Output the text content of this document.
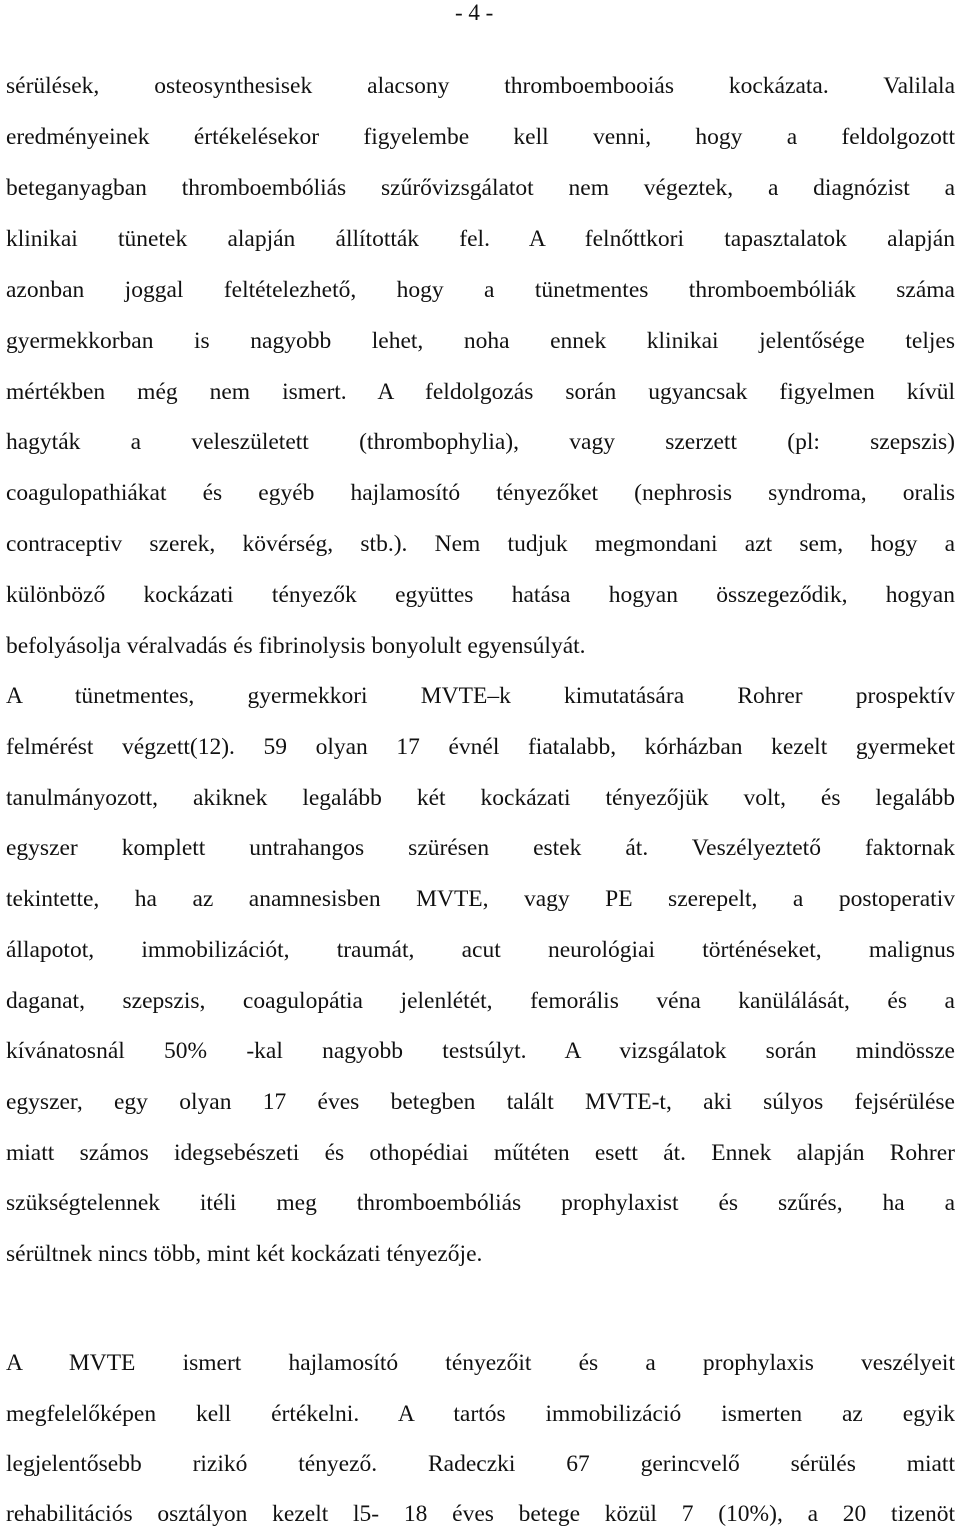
- 4 -
sérülések, osteosynthesisek alacsony thromboembooiás kockázata. Valilala
eredményeinek értékelésekor figyelembe kell venni, hogy a feldolgozott
beteganyagban thromboembóliás szűrővizsgálatot nem végeztek, a diagnózist a
klinikai tünetek alapján állították fel. A felnőttkori tapasztalatok alapján
azonban joggal feltételezhető, hogy a tünetmentes thromboembóliák száma
gyermekkorban is nagyobb lehet, noha ennek klinikai jelentősége teljes
mértékben még nem ismert. A feldolgozás során ugyancsak figyelmen kívül
hagyták a veleszületett (thrombophylia), vagy szerzett (pl: szepszis)
coagulopathiákat és egyéb hajlamosító tényezőket (nephrosis syndroma, oralis
contraceptiv szerek, kövérség, stb.). Nem tudjuk megmondani azt sem, hogy a
különböző kockázati tényezők együttes hatása hogyan összegeződik, hogyan
befolyásolja véralvadás és fibrinolysis bonyolult egyensúlyát.
A tünetmentes, gyermekkori MVTE–k kimutatására Rohrer prospektív
felmérést végzett(12). 59 olyan 17 évnél fiatalabb, kórházban kezelt gyermeket
tanulmányozott, akiknek legalább két kockázati tényezőjük volt, és legalább
egyszer komplett untrahangos szürésen estek át. Veszélyeztető faktornak
tekintette, ha az anamnesisben MVTE, vagy PE szerepelt, a postoperativ
állapotot, immobilizációt, traumát, acut neurológiai történéseket, malignus
daganat, szepszis, coagulopátia jelenlétét, femorális véna kanülálását, és a
kívánatosnál 50% -kal nagyobb testsúlyt. A vizsgálatok során mindössze
egyszer, egy olyan 17 éves betegben talált MVTE-t, aki súlyos fejsérülése
miatt számos idegsebészeti és othopédiai műtéten esett át. Ennek alapján Rohrer
szükségtelennek itéli meg thromboembóliás prophylaxist és szűrés, ha a
sérültnek nincs több, mint két kockázati tényezője.
A MVTE ismert hajlamosító tényezőit és a prophylaxis veszélyeit
megfelelőképen kell értékelni. A tartós immobilizáció ismerten az egyik
legjelentősebb rizikó tényező. Radeczki 67 gerincvelő sérülés miatt
rehabilitációs osztályon kezelt l5- 18 éves betege közül 7 (10%), a 20 tizenöt
